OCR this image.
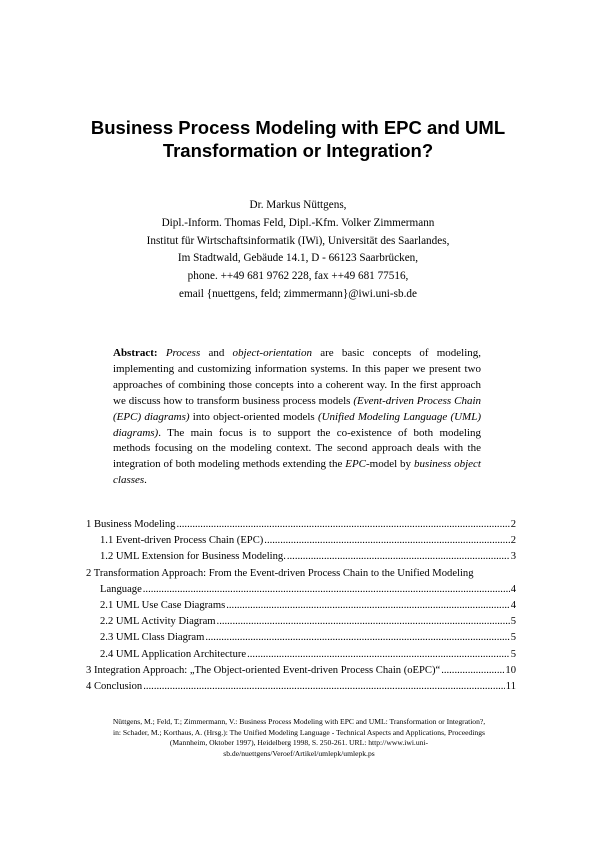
Business Process Modeling with EPC and UML
Transformation or Integration?
Dr. Markus Nüttgens,
Dipl.-Inform. Thomas Feld, Dipl.-Kfm. Volker Zimmermann
Institut für Wirtschaftsinformatik (IWi), Universität des Saarlandes,
Im Stadtwald, Gebäude 14.1, D - 66123 Saarbrücken,
phone. ++49 681 9762 228, fax ++49 681 77516,
email {nuettgens, feld; zimmermann}@iwi.uni-sb.de
Abstract: Process and object-orientation are basic concepts of modeling, implementing and customizing information systems. In this paper we present two approaches of combining those concepts into a coherent way. In the first approach we discuss how to transform business process models (Event-driven Process Chain (EPC) diagrams) into object-oriented models (Unified Modeling Language (UML) diagrams). The main focus is to support the co-existence of both modeling methods focusing on the modeling context. The second approach deals with the integration of both modeling methods extending the EPC-model by business object classes.
1 Business Modeling .....	2
1.1 Event-driven Process Chain (EPC) .....	2
1.2 UML Extension for Business Modeling. .....	3
2 Transformation Approach: From the Event-driven Process Chain to the Unified Modeling
Language .....	4
2.1 UML Use Case Diagrams .....	4
2.2 UML Activity Diagram .....	5
2.3 UML Class Diagram .....	5
2.4 UML Application Architecture .....	5
3 Integration Approach: „The Object-oriented Event-driven Process Chain (oEPC)“ .....	10
4 Conclusion .....	11
Nüttgens, M.; Feld, T.; Zimmermann, V.: Business Process Modeling with EPC and UML: Transformation or Integration?,
in: Schader, M.; Korthaus, A. (Hrsg.): The Unified Modeling Language - Technical Aspects and Applications, Proceedings
(Mannheim, Oktober 1997), Heidelberg 1998, S. 250-261. URL: http://www.iwi.uni-
sb.de/nuettgens/Veroef/Artikel/umlepk/umlepk.ps
